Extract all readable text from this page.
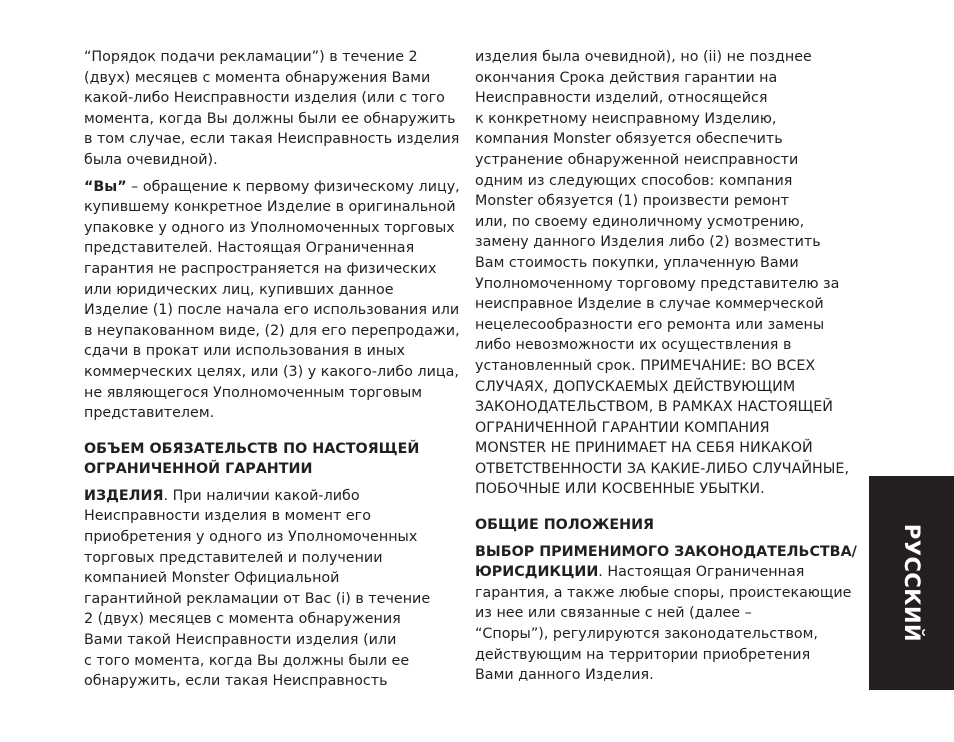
“Порядок подачи рекламации”) в течение 2
(двух) месяцев с момента обнаружения Вами
какой-либо Неисправности изделия (или с того
момента, когда Вы должны были ее обнаружить
в том случае, если такая Неисправность изделия
была очевидной).
“Вы” – обращение к первому физическому лицу,
купившему конкретное Изделие в оригинальной
упаковке у одного из Уполномоченных торговых
представителей. Настоящая Ограниченная
гарантия не распространяется на физических
или юридических лиц, купивших данное
Изделие (1) после начала его использования или
в неупакованном виде, (2) для его перепродажи,
сдачи в прокат или использования в иных
коммерческих целях, или (3) у какого-либо лица,
не являющегося Уполномоченным торговым
представителем.
ОБЪЕМ ОБЯЗАТЕЛЬСТВ ПО НАСТОЯЩЕЙ
ОГРАНИЧЕННОЙ ГАРАНТИИ
ИЗДЕЛИЯ. При наличии какой-либо
Неисправности изделия в момент его
приобретения у одного из Уполномоченных
торговых представителей и получении
компанией Monster Официальной
гарантийной рекламации от Вас (i) в течение
2 (двух) месяцев с момента обнаружения
Вами такой Неисправности изделия (или
с того момента, когда Вы должны были ее
обнаружить, если такая Неисправность
изделия была очевидной), но (ii) не позднее
окончания Срока действия гарантии на
Неисправности изделий, относящейся
к конкретному неисправному Изделию,
компания Monster обязуется обеспечить
устранение обнаруженной неисправности
одним из следующих способов: компания
Monster обязуется (1) произвести ремонт
или, по своему единоличному усмотрению,
замену данного Изделия либо (2) возместить
Вам стоимость покупки, уплаченную Вами
Уполномоченному торговому представителю за
неисправное Изделие в случае коммерческой
нецелесообразности его ремонта или замены
либо невозможности их осуществления в
установленный срок. ПРИМЕЧАНИЕ: ВО ВСЕХ
СЛУЧАЯХ, ДОПУСКАЕМЫХ ДЕЙСТВУЮЩИМ
ЗАКОНОДАТЕЛЬСТВОМ, В РАМКАХ НАСТОЯЩЕЙ
ОГРАНИЧЕННОЙ ГАРАНТИИ КОМПАНИЯ
MONSTER НЕ ПРИНИМАЕТ НА СЕБЯ НИКАКОЙ
ОТВЕТСТВЕННОСТИ ЗА КАКИЕ-ЛИБО СЛУЧАЙНЫЕ,
ПОБОЧНЫЕ ИЛИ КОСВЕННЫЕ УБЫТКИ.
ОБЩИЕ ПОЛОЖЕНИЯ
ВЫБОР ПРИМЕНИМОГО ЗАКОНОДАТЕЛЬСТВА/
ЮРИСДИКЦИИ. Настоящая Ограниченная
гарантия, а также любые споры, проистекающие
из нее или связанные с ней (далее –
“Споры”), регулируются законодательством,
действующим на территории приобретения
Вами данного Изделия.
РУССКИЙ
